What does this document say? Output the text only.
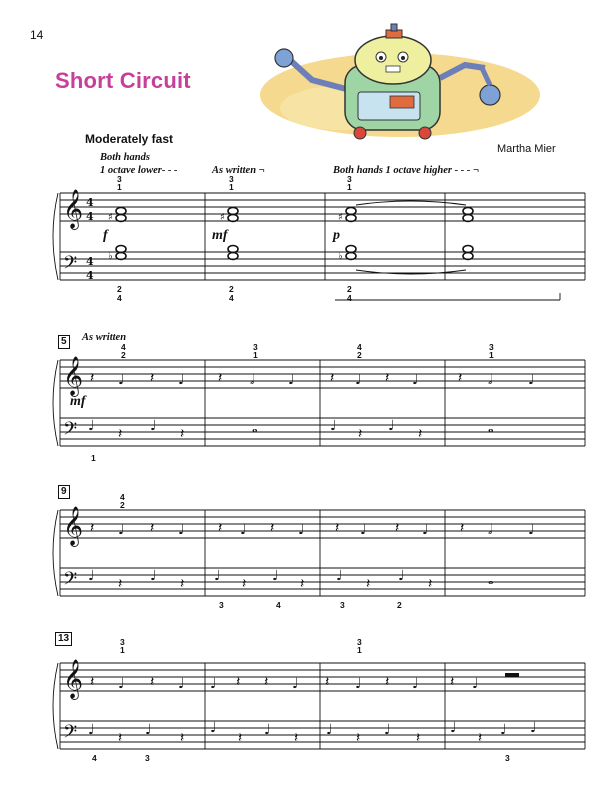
14
Short Circuit
Moderately fast
Martha Mier
Both hands
1 octave lower- - -	As written ¬	Both hands 1 octave higher - - - ¬
As written
𝄞
𝄢
4
4
4
4
𝄞
𝄢
𝄞
𝄢
𝄞
𝄢
♯
♭
♯	♯
♭
𝄽 ♩ 𝄽 ♩ 𝄽 𝅗𝅥 ♩	𝄽 ♩ 𝄽 ♩	𝄽 𝅗𝅥	♩
♩ 𝄽 ♩ 𝄽	𝅝	♩ 𝄽 ♩ 𝄽	𝅝
𝄽 ♩ 𝄽 ♩ 𝄽 ♩ 𝄽 ♩ 𝄽 ♩ 𝄽 ♩ 𝄽 𝅗𝅥	♩
♩ 𝄽 ♩ 𝄽 ♩ 𝄽 ♩ 𝄽 ♩ 𝄽 ♩ 𝄽	𝅝
𝄽 ♩ 𝄽 ♩ ♩ 𝄽 𝄽 ♩ 𝄽 ♩ 𝄽 ♩ 𝄽 ♩
♩ 𝄽 ♩ 𝄽
♩
𝄽 ♩ 𝄽 ♩ 𝄽 ♩ 𝄽
♩
𝄽 ♩ ♩
f	mf	p
mf
5
9
13
3
1
3
1
3
1
2
4
2
4
2
4
4
2
3
1
4
2
3
1
1
4
2
3	4	3	2
3
1
3
1
4	3	3
